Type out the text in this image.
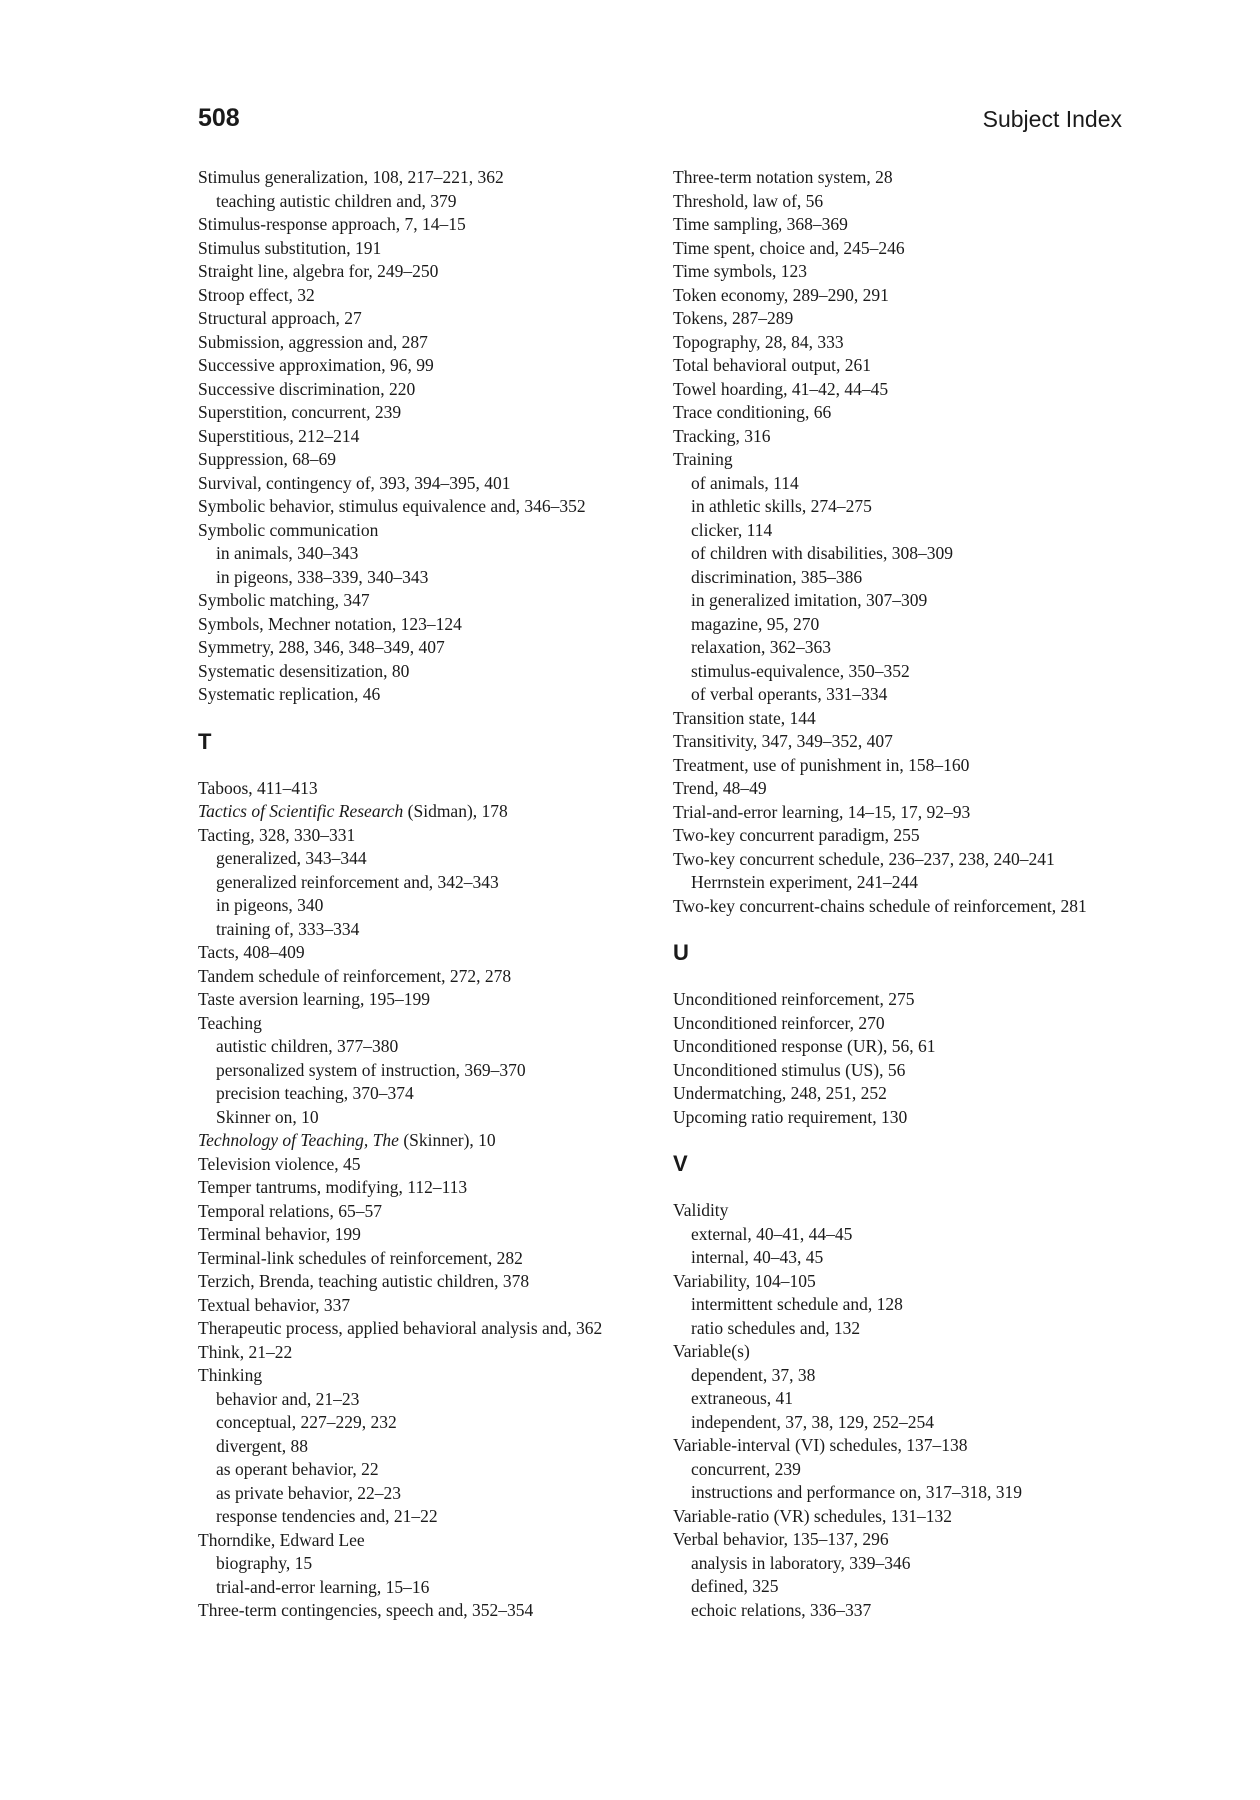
508	Subject Index
Stimulus generalization, 108, 217–221, 362
teaching autistic children and, 379
Stimulus-response approach, 7, 14–15
Stimulus substitution, 191
Straight line, algebra for, 249–250
Stroop effect, 32
Structural approach, 27
Submission, aggression and, 287
Successive approximation, 96, 99
Successive discrimination, 220
Superstition, concurrent, 239
Superstitious, 212–214
Suppression, 68–69
Survival, contingency of, 393, 394–395, 401
Symbolic behavior, stimulus equivalence and, 346–352
Symbolic communication
in animals, 340–343
in pigeons, 338–339, 340–343
Symbolic matching, 347
Symbols, Mechner notation, 123–124
Symmetry, 288, 346, 348–349, 407
Systematic desensitization, 80
Systematic replication, 46
T
Taboos, 411–413
Tactics of Scientific Research (Sidman), 178
Tacting, 328, 330–331
generalized, 343–344
generalized reinforcement and, 342–343
in pigeons, 340
training of, 333–334
Tacts, 408–409
Tandem schedule of reinforcement, 272, 278
Taste aversion learning, 195–199
Teaching
autistic children, 377–380
personalized system of instruction, 369–370
precision teaching, 370–374
Skinner on, 10
Technology of Teaching, The (Skinner), 10
Television violence, 45
Temper tantrums, modifying, 112–113
Temporal relations, 65–57
Terminal behavior, 199
Terminal-link schedules of reinforcement, 282
Terzich, Brenda, teaching autistic children, 378
Textual behavior, 337
Therapeutic process, applied behavioral analysis and, 362
Think, 21–22
Thinking
behavior and, 21–23
conceptual, 227–229, 232
divergent, 88
as operant behavior, 22
as private behavior, 22–23
response tendencies and, 21–22
Thorndike, Edward Lee
biography, 15
trial-and-error learning, 15–16
Three-term contingencies, speech and, 352–354
Three-term notation system, 28
Threshold, law of, 56
Time sampling, 368–369
Time spent, choice and, 245–246
Time symbols, 123
Token economy, 289–290, 291
Tokens, 287–289
Topography, 28, 84, 333
Total behavioral output, 261
Towel hoarding, 41–42, 44–45
Trace conditioning, 66
Tracking, 316
Training
of animals, 114
in athletic skills, 274–275
clicker, 114
of children with disabilities, 308–309
discrimination, 385–386
in generalized imitation, 307–309
magazine, 95, 270
relaxation, 362–363
stimulus-equivalence, 350–352
of verbal operants, 331–334
Transition state, 144
Transitivity, 347, 349–352, 407
Treatment, use of punishment in, 158–160
Trend, 48–49
Trial-and-error learning, 14–15, 17, 92–93
Two-key concurrent paradigm, 255
Two-key concurrent schedule, 236–237, 238, 240–241
Herrnstein experiment, 241–244
Two-key concurrent-chains schedule of reinforcement, 281
U
Unconditioned reinforcement, 275
Unconditioned reinforcer, 270
Unconditioned response (UR), 56, 61
Unconditioned stimulus (US), 56
Undermatching, 248, 251, 252
Upcoming ratio requirement, 130
V
Validity
external, 40–41, 44–45
internal, 40–43, 45
Variability, 104–105
intermittent schedule and, 128
ratio schedules and, 132
Variable(s)
dependent, 37, 38
extraneous, 41
independent, 37, 38, 129, 252–254
Variable-interval (VI) schedules, 137–138
concurrent, 239
instructions and performance on, 317–318, 319
Variable-ratio (VR) schedules, 131–132
Verbal behavior, 135–137, 296
analysis in laboratory, 339–346
defined, 325
echoic relations, 336–337
